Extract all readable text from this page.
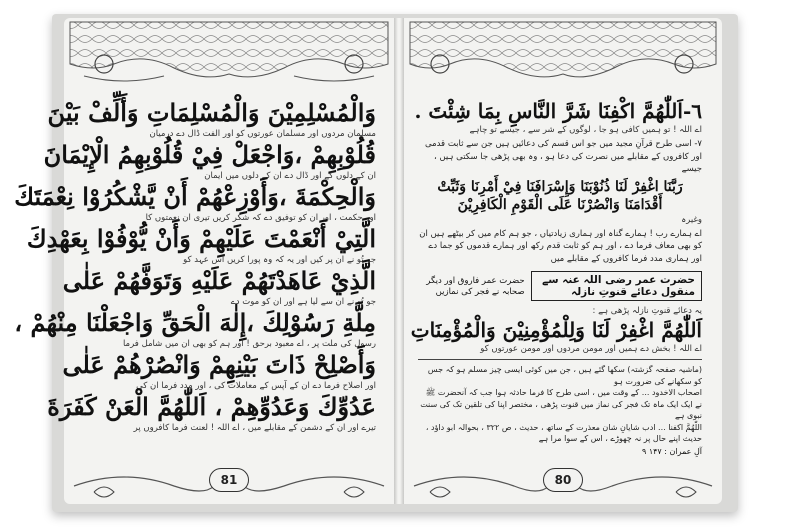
وَالْمُسْلِمِيْنَ وَالْمُسْلِمَاتِ وَأَلِّفْ بَيْنَ
مسلمان مردوں اور مسلمان عورتوں کو اور الفت ڈال دے درمیان
قُلُوْبِهِمْ ،وَاجْعَلْ فِيْ قُلُوْبِهِمُ الْإِيْمَانَ
ان کے دلوں کے اور ڈال دے ان کے دلوں میں ایمان
وَالْحِكْمَةَ ،وَأَوْزِعْهُمْ أَنْ يَّشْكُرُوْا نِعْمَتَكَ
اور حکمت ، اور ان کو توفیق دے کہ شکر کریں تیری ان نعمتوں کا
الَّتِيْ أَنْعَمْتَ عَلَيْهِمْ وَأَنْ يُّوْفُوْا بِعَهْدِكَ
جو تُو نے ان پر کیں اور یہ کہ وہ پورا کریں اس عہد کو
الَّذِيْ عَاهَدْتَهُمْ عَلَيْهِ وَتَوَفَّهُمْ عَلٰى
جو تُو نے ان سے لیا ہے اور ان کو موت دے
مِلَّةِ رَسُوْلِكَ ،إِلٰهَ الْحَقِّ وَاجْعَلْنَا مِنْهُمْ ،
رسول کی ملت پر ، اے معبود برحق ! اور ہم کو بھی ان میں شامل فرما
وَأَصْلِحْ ذَاتَ بَيْنِهِمْ وَانْصُرْهُمْ عَلٰى
اور اصلاح فرما دے ان کے آپس کے معاملات کی ، اور مدد فرما ان کی
عَدُوِّكَ وَعَدُوِّهِمْ ، اَللّٰهُمَّ الْعَنْ كَفَرَةَ
تیرے اور ان کے دشمن کے مقابلے میں ، اے اللہ ! لعنت فرما کافروں پر
81
٦-اَللّٰهُمَّ اكْفِنَا شَرَّ النَّاسِ بِمَا شِئْتَ .
اے اللہ ! تو ہمیں کافی ہو جا ، لوگوں کے شر سے ، جیسے تو چاہے
٧- اسی طرح قرآنِ مجید میں جو اس قسم کی دعائیں ہیں جن سے ثابت قدمی اور کافروں کے مقابلے میں نصرت کی دعا ہو ، وہ بھی پڑھی جا سکتی ہیں ، جیسے
رَبَّنَا اغْفِرْ لَنَا ذُنُوْبَنَا وَإِسْرَافَنَا فِيْ أَمْرِنَا وَثَبِّتْ أَقْدَامَنَا وَانْصُرْنَا عَلَى الْقَوْمِ الْكَافِرِيْنَ
وغیرہ
اے ہمارے رب ! ہمارے گناہ اور ہماری زیادتیاں ، جو ہم کام میں کر بیٹھے ہیں ان کو بھی معاف فرما دے ، اور ہم کو ثابت قدم رکھ اور ہمارے قدموں کو جما دے اور ہماری مدد فرما کافروں کے مقابلے میں
حضرت عمر رضی اللہ عنہ سے منقول دعائے قنوتِ نازلہ
حضرت عمر فاروق اور دیگر صحابہ نے فجر کی نمازیں
یہ دعائے قنوتِ نازلہ پڑھی ہے :
اَللّٰهُمَّ اغْفِرْ لَنَا وَلِلْمُؤْمِنِيْنَ وَالْمُؤْمِنَاتِ
اے اللہ ! بخش دے ہمیں اور مومن مردوں اور مومن عورتوں کو
(ماشیہ صفحہ گزشتہ) سکھا گئے ہیں ، جن میں کوئی ایسی چیز مسلم ہو کہ جس کو سکھانے کی ضرورت ہو
اصحاب الاخدود ... کے وقت میں ، اسی طرح کا فرما حادثہ ہوا جب کہ آنحضرت ﷺ نے ایک ایک ماہ تک فجر کی نماز میں قنوت پڑھی ، مختصر اپنا کی تلقین تک کی سنت نبوی ہے
اللّٰهُمَّ اکفنا ... ادب شایانِ شان معذرت کے ساتھ ، حدیث ، ص ۳۲۲ ، بحوالہ ابو داؤد ، حدیث اپنے حال پر نہ چھوڑے ، اس کے سوا مرا ہے
آلِ عمران : ۱۴۷ ٩
80
